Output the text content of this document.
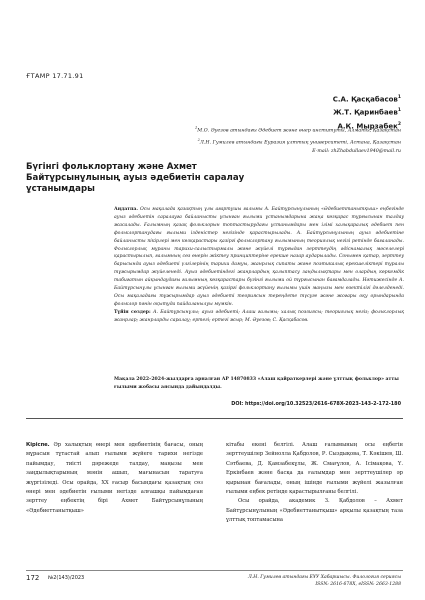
ҒТАМР 17.71.91
С.А. Қасқабасов$^1$
Ж.Т. Қаринбаев$^1$
А.К. Мырзабек$^2$
$^1$М.О. Әуезов атындағы Әдебиет және өнер институты, Алматы, Қазақстан
$^2$Л.Н. Гумилев атындағы Еуразия ұлттық университеті, Астана, Қазақстан
E-mail: zhZhabdullaev1940@mail.ru
Бүгінгі фольклортану және Ахмет Байтұрсынұлының ауыз әдебиетін саралау ұстанымдары
Аңдатпа. Осы мақалада қазақтың ұлы ағартушы ғалымы А. Байтұрсынұлының «Әдебиеттанытқыш» еңбегінде ауыз әдебиетін саралауға байланысты ұсынған ғылыми ұстанымдарына жаңа көзқарас тұрғысынан талдау жасалады. Ғалымның қазақ фольклорын топтастырудағы ұстанымдары мен ілімі халықаралық әдебиет пен фольклортанудағы ғылыми ізденістер негізінде қарастырылады. А. Байтұрсынұлының ауыз әдебиетіне байланысты пікірлері мен көзқарастары қазіргі фольклортану ғылымының теориялық негізі ретінде бағаланады. Фольклорлық мұраны тарихи-салыстырмалы және жүйелі тұрғыдан зерттеудің әдіснамалық мәселелері қарастырылып, ғалымның сөз өнерін жіктеу принциптеріне ерекше назар аударылады. Сонымен қатар, зерттеу барысында ауыз әдебиеті үлгілерінің тарихи дамуы, жанрлық сипаты және поэтикалық ерекшеліктері туралы тұжырымдар жүйеленеді. Ауыз әдебиетіндегі жанрлардың қалыптасу заңдылықтары мен олардың көркемдік табиғатын айқындаудағы ғалымның көзқарастары бүгінгі ғылыми ой тұрғысынан бағамдалады. Нәтижесінде А. Байтұрсынұлы ұсынған ғылыми жүйенің қазіргі фольклортану ғылымы үшін маңызы мен өзектілігі дәлелденеді. Осы мақаладағы тұжырымдар ауыз әдебиеті теориясын тереңдете түсуге және жоғары оқу орындарында фольклор пәнін оқытуда пайдаланылуы мүмкін.
Түйін сөздер: А. Байтұрсынұлы; ауыз әдебиеті; Алаш ғалымы; халық поэзиясы; теориялық негіз; фольклорлық жанрлар; жанрларды саралау; ертегі; ертегі жыр; М. Әуезов; С. Қасқабасов.
Мақала 2022–2024-жылдарға арналған АР 14870833 «Алаш қайраткерлері және ұлттық фольклор» атты ғылыми жобасы аясында дайындалды.
DOI: https://doi.org/10.32523/2616-678X-2023-143-2-172-180
Кіріспе. Әр халықтың өнері мен әдебиетінің бағасы, оның мұрасын тұтастай алып ғылыми жүйеге тарихи негізде пайымдау, тиісті дәрежеде талдау, маңызы мен заңдылықтарының мәнін ашып, мағынасын таратуға жүргізіледі. Осы орайда, ХХ ғасыр басындағы қазақтың сөз өнері мен әдебиетін ғылыми негізде алғашқы пайымдаған зерттеу еңбектің бірі Ахмет Байтұрсынұлының «Әдебиеттанытқыш»
кітабы екені белгілі. Алаш ғалымының осы еңбегін зерттеушілер Зейнолла Қабдолов, Р. Сыздықова, Т. Кәкішев, Ш. Сәтбаева, Д. Қамзабекұлы, Ж. Смағұлов, А. Ісімақова, Ү. Еркінбаев және басқа да ғалымдар мен зерттеушілер әр қырынан бағалады, оның ішінде ғылыми жүйелі жазылған ғылыми еңбек ретінде қарастырылғаны белгілі.
Осы орайда, академик З. Қабдолов – Ахмет Байтұрсынұлының «Әдебиеттанытқыш» арқылы қазақтың таза ұлттық топтамасына
172 №2(143)/2023	Л.Н. Гумилев атындағы ЕҰУ Хабаршысы. Филология сериясы
ISSN: 2616-678X, eISSN: 2663-1288
